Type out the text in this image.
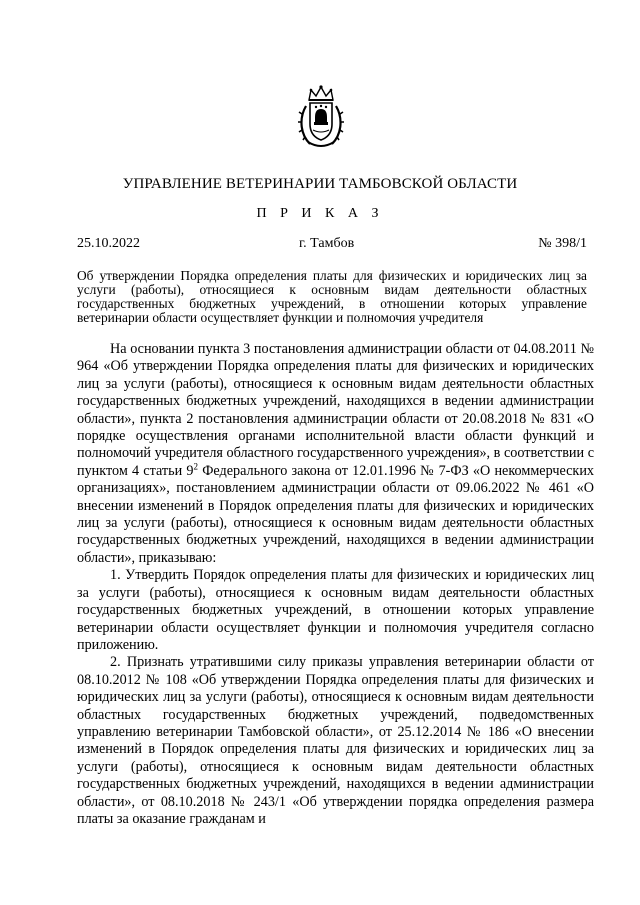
УПРАВЛЕНИЕ ВЕТЕРИНАРИИ ТАМБОВСКОЙ ОБЛАСТИ
П Р И К А З
25.10.2022	г. Тамбов	№ 398/1
Об утверждении Порядка определения платы для физических и юридических лиц за услуги (работы), относящиеся к основным видам деятельности областных государственных бюджетных учреждений, в отношении которых управление ветеринарии области осуществляет функции и полномочия учредителя

На основании пункта 3 постановления администрации области от 04.08.2011 № 964 «Об утверждении Порядка определения платы для физических и юридических лиц за услуги (работы), относящиеся к основным видам деятельности областных государственных бюджетных учреждений, находящихся в ведении администрации области», пункта 2 постановления администрации области от 20.08.2018 № 831 «О порядке осуществления органами исполнительной власти области функций и полномочий учредителя областного государственного учреждения», в соответствии с пунктом 4 статьи $9^2$ Федерального закона от 12.01.1996 № 7-ФЗ «О некоммерческих организациях», постановлением администрации области от 09.06.2022 № 461 «О внесении изменений в Порядок определения платы для физических и юридических лиц за услуги (работы), относящиеся к основным видам деятельности областных государственных бюджетных учреждений, находящихся в ведении администрации области», приказываю:

1. Утвердить Порядок определения платы для физических и юридических лиц за услуги (работы), относящиеся к основным видам деятельности областных государственных бюджетных учреждений, в отношении которых управление ветеринарии области осуществляет функции и полномочия учредителя согласно приложению.

2. Признать утратившими силу приказы управления ветеринарии области от 08.10.2012 № 108 «Об утверждении Порядка определения платы для физических и юридических лиц за услуги (работы), относящиеся к основным видам деятельности областных государственных бюджетных учреждений, подведомственных управлению ветеринарии Тамбовской области», от 25.12.2014 № 186 «О внесении изменений в Порядок определения платы для физических и юридических лиц за услуги (работы), относящиеся к основным видам деятельности областных государственных бюджетных учреждений, находящихся в ведении администрации области», от 08.10.2018 № 243/1 «Об утверждении порядка определения размера платы за оказание гражданам и
